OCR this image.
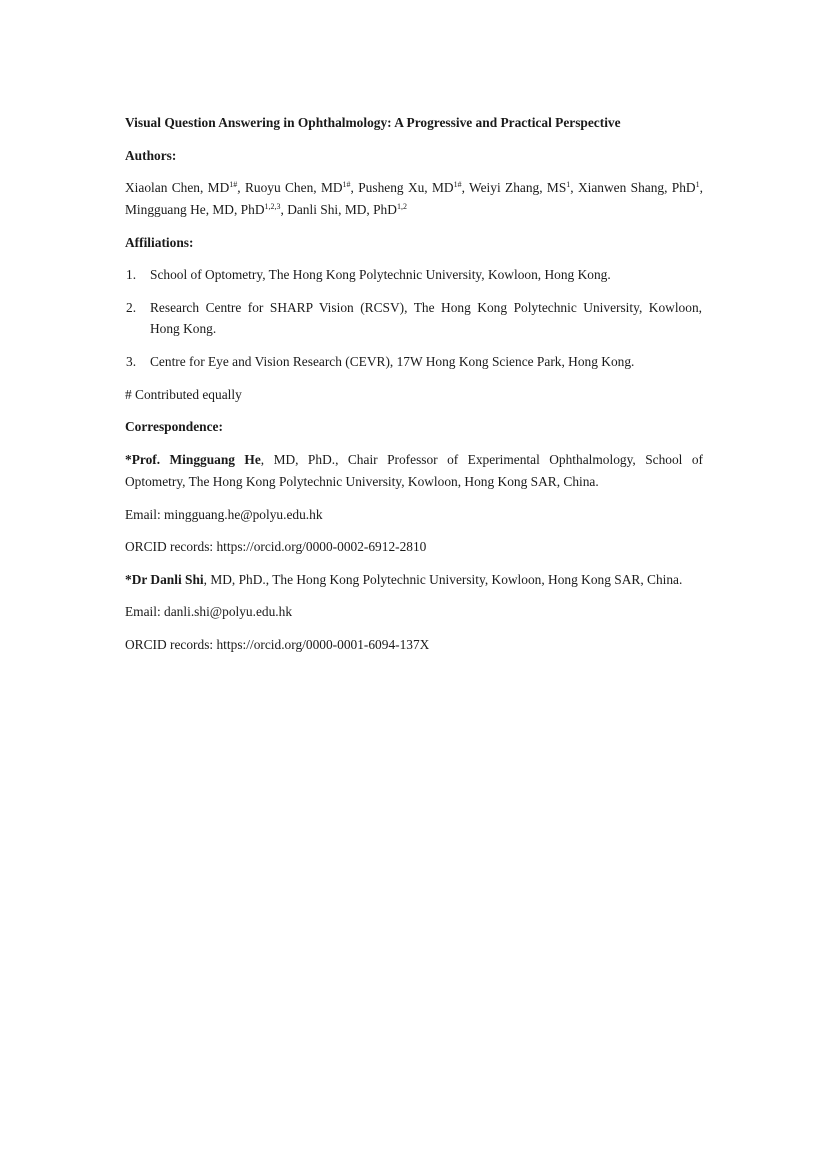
Visual Question Answering in Ophthalmology: A Progressive and Practical Perspective
Authors:
Xiaolan Chen, $MD^{1\#}$, Ruoyu Chen, $MD^{1\#}$, Pusheng Xu, $MD^{1\#}$, Weiyi Zhang, $MS^1$, Xianwen Shang, PhD$^1$,
Mingguang He, MD, PhD$^{1,2,3}$, Danli Shi, MD, PhD$^{1,2}$
Affiliations:
1. School of Optometry, The Hong Kong Polytechnic University, Kowloon, Hong Kong.
2. Research Centre for SHARP Vision (RCSV), The Hong Kong Polytechnic University, Kowloon,
Hong Kong.
3. Centre for Eye and Vision Research (CEVR), 17W Hong Kong Science Park, Hong Kong.
# Contributed equally
Correspondence:
*Prof. Mingguang He, MD, PhD., Chair Professor of Experimental Ophthalmology, School of
Optometry, The Hong Kong Polytechnic University, Kowloon, Hong Kong SAR, China.
Email: mingguang.he@polyu.edu.hk
ORCID records: https://orcid.org/0000-0002-6912-2810
*Dr Danli Shi, MD, PhD., The Hong Kong Polytechnic University, Kowloon, Hong Kong SAR, China.
Email: danli.shi@polyu.edu.hk
ORCID records: https://orcid.org/0000-0001-6094-137X
